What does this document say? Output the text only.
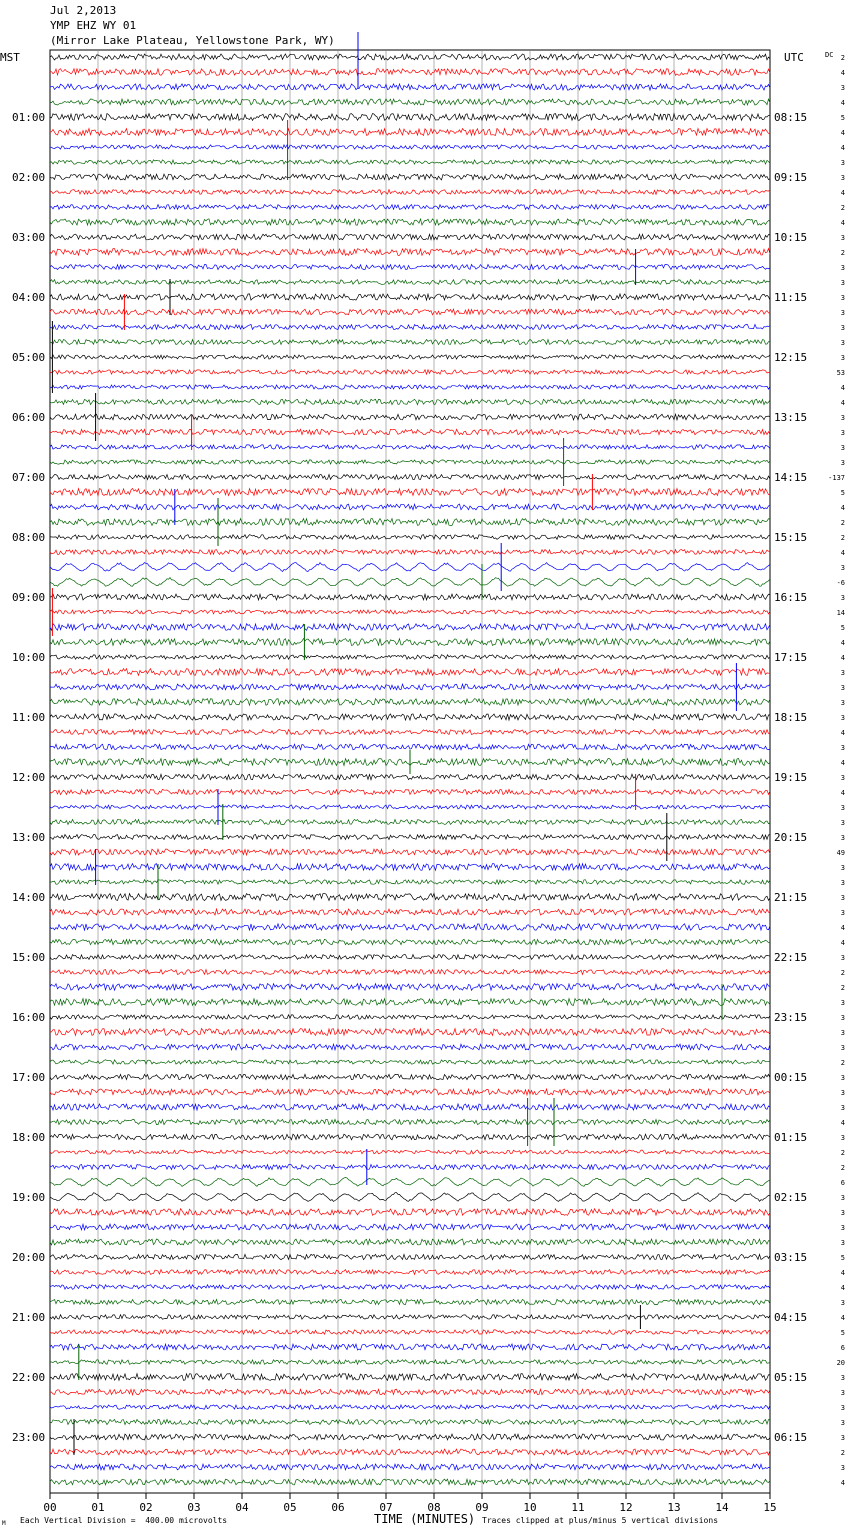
Jul 2,2013
YMP EHZ WY 01
(Mirror Lake Plateau, Yellowstone Park, WY)
01:00
02:00
03:00
04:00
05:00
06:00
07:00
08:00
09:00
10:00
11:00
12:00
13:00
14:00
15:00
16:00
17:00
18:00
19:00
20:00
21:00
22:00
23:00
08:15
09:15
10:15
11:15
12:15
13:15
14:15
15:15
16:15
17:15
18:15
19:15
20:15
21:15
22:15
23:15
00:15
01:15
02:15
03:15
04:15
05:15
06:15
2
4
3
4
5
4
4
3
3
4
2
4
3
2
3
3
3
3
3
3
3
53
4
4
3
3
3
3
-137
5
4
2
2
4
3
-6
3
14
5
4
4
3
3
3
3
4
3
4
3
4
3
3
3
49
3
3
3
3
4
4
3
2
2
3
3
3
3
2
3
3
3
4
3
2
2
6
3
3
3
3
5
4
4
3
4
5
6
20
3
3
3
3
3
2
3
4
00	01	02	03	04	05	06	07	08	09	10	11	12	13	14	15
MST	UTC	DC
TIME (MINUTES)
Each Vertical Division =  400.00 microvolts	Traces clipped at plus/minus 5 vertical divisions
M
